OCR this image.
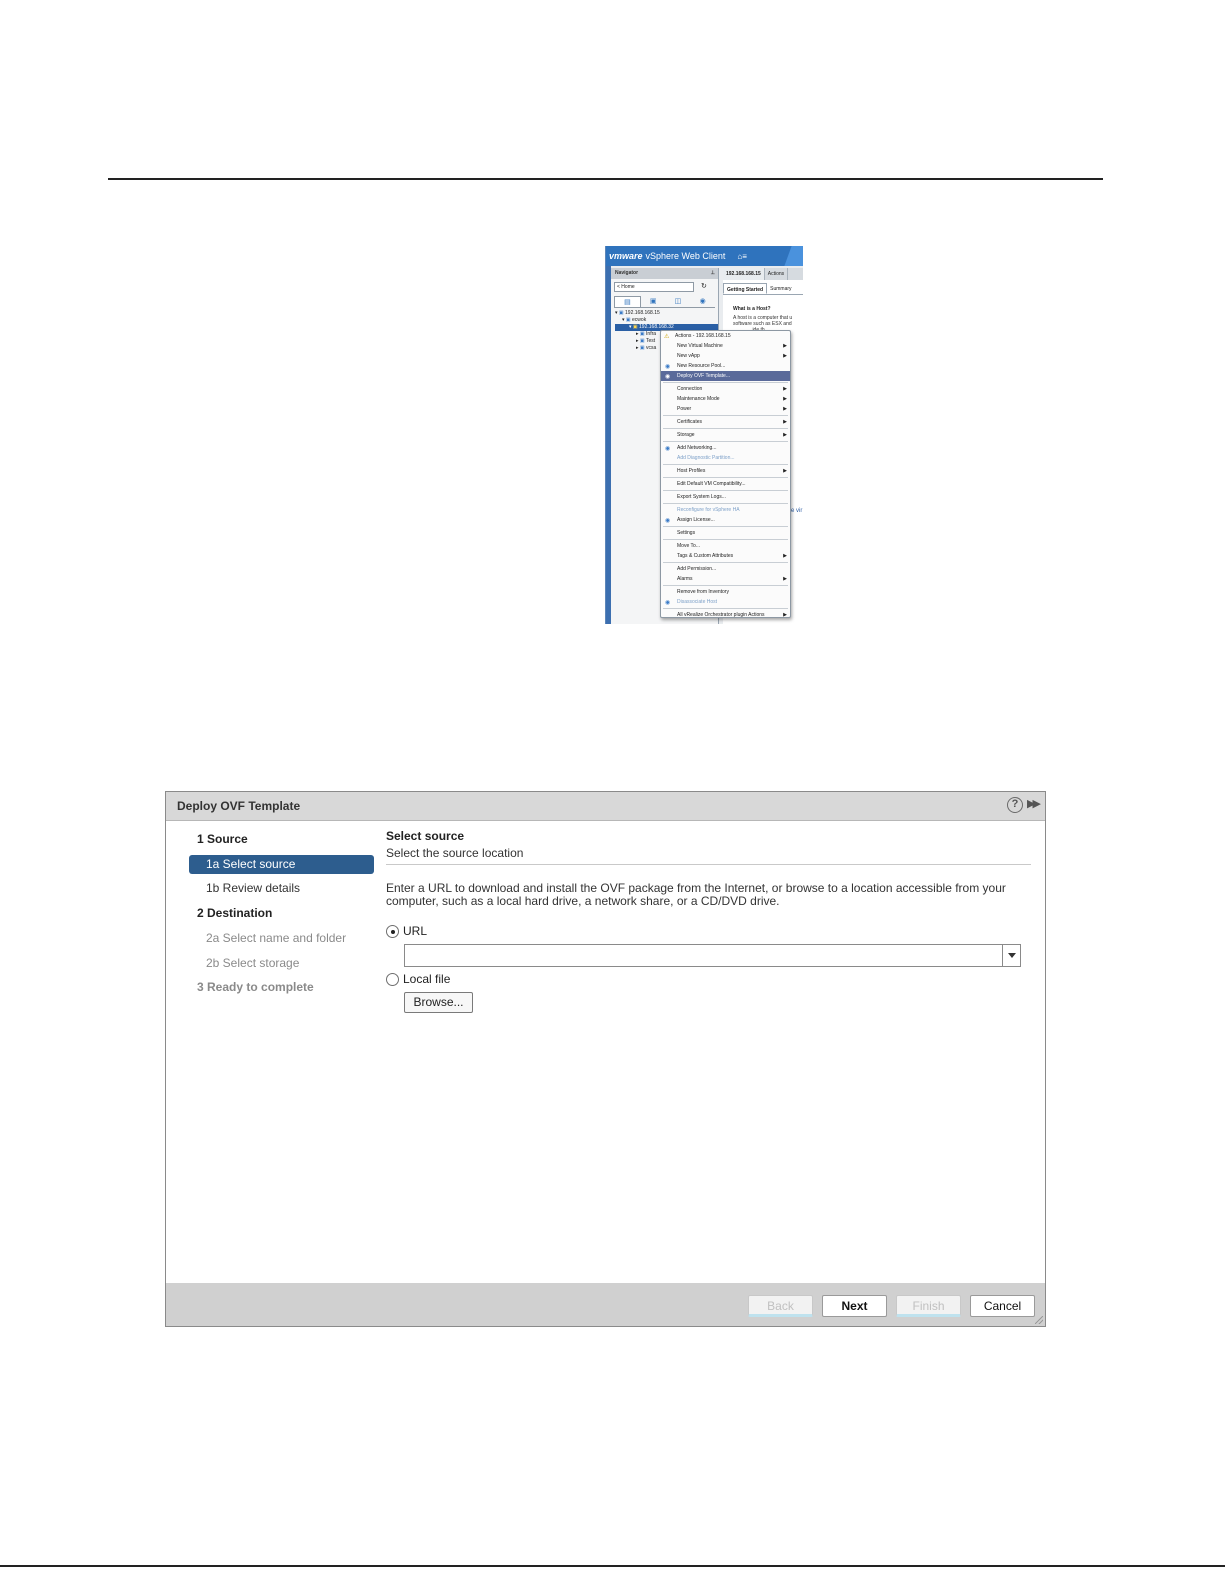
vmware vSphere Web Client ⌂≡
Navigator	⊥
< Home	↻
▤	▣	◫	◉
▾ ▣ 192.168.168.15
▾ ▣ ecwok
▾ ▣ 192.168.168.32
▸ ▣ Infra
▸ ▣ Test
▸ ▣ vcsa
192.168.168.15	Actions
Getting Started	Summary
What is a Host?
A host is a computer that u
software such as ESX and
e vir
⚠ Actions - 192.168.168.15
New Virtual Machine	▶
New vApp	▶
◉ New Resource Pool...
◉ Deploy OVF Template...
Connection	▶
Maintenance Mode	▶
Power	▶
Certificates	▶
Storage	▶
◉ Add Networking...
Add Diagnostic Partition...
Host Profiles	▶
Edit Default VM Compatibility...
Export System Logs...
Reconfigure for vSphere HA
◉ Assign License...
Settings
Move To...
Tags & Custom Attributes	▶
Add Permission...
Alarms	▶
Remove from Inventory
◉ Disassociate Host
All vRealize Orchestrator plugin Actions	▶
Deploy OVF Template	? ▶▶
1 Source
1a Select source
1b Review details
2 Destination
2a Select name and folder
2b Select storage
3 Ready to complete
Select source
Select the source location
Enter a URL to download and install the OVF package from the Internet, or browse to a location accessible from your computer, such as a local hard drive, a network share, or a CD/DVD drive.
URL
Local file
Browse...
Back	Next	Finish	Cancel
